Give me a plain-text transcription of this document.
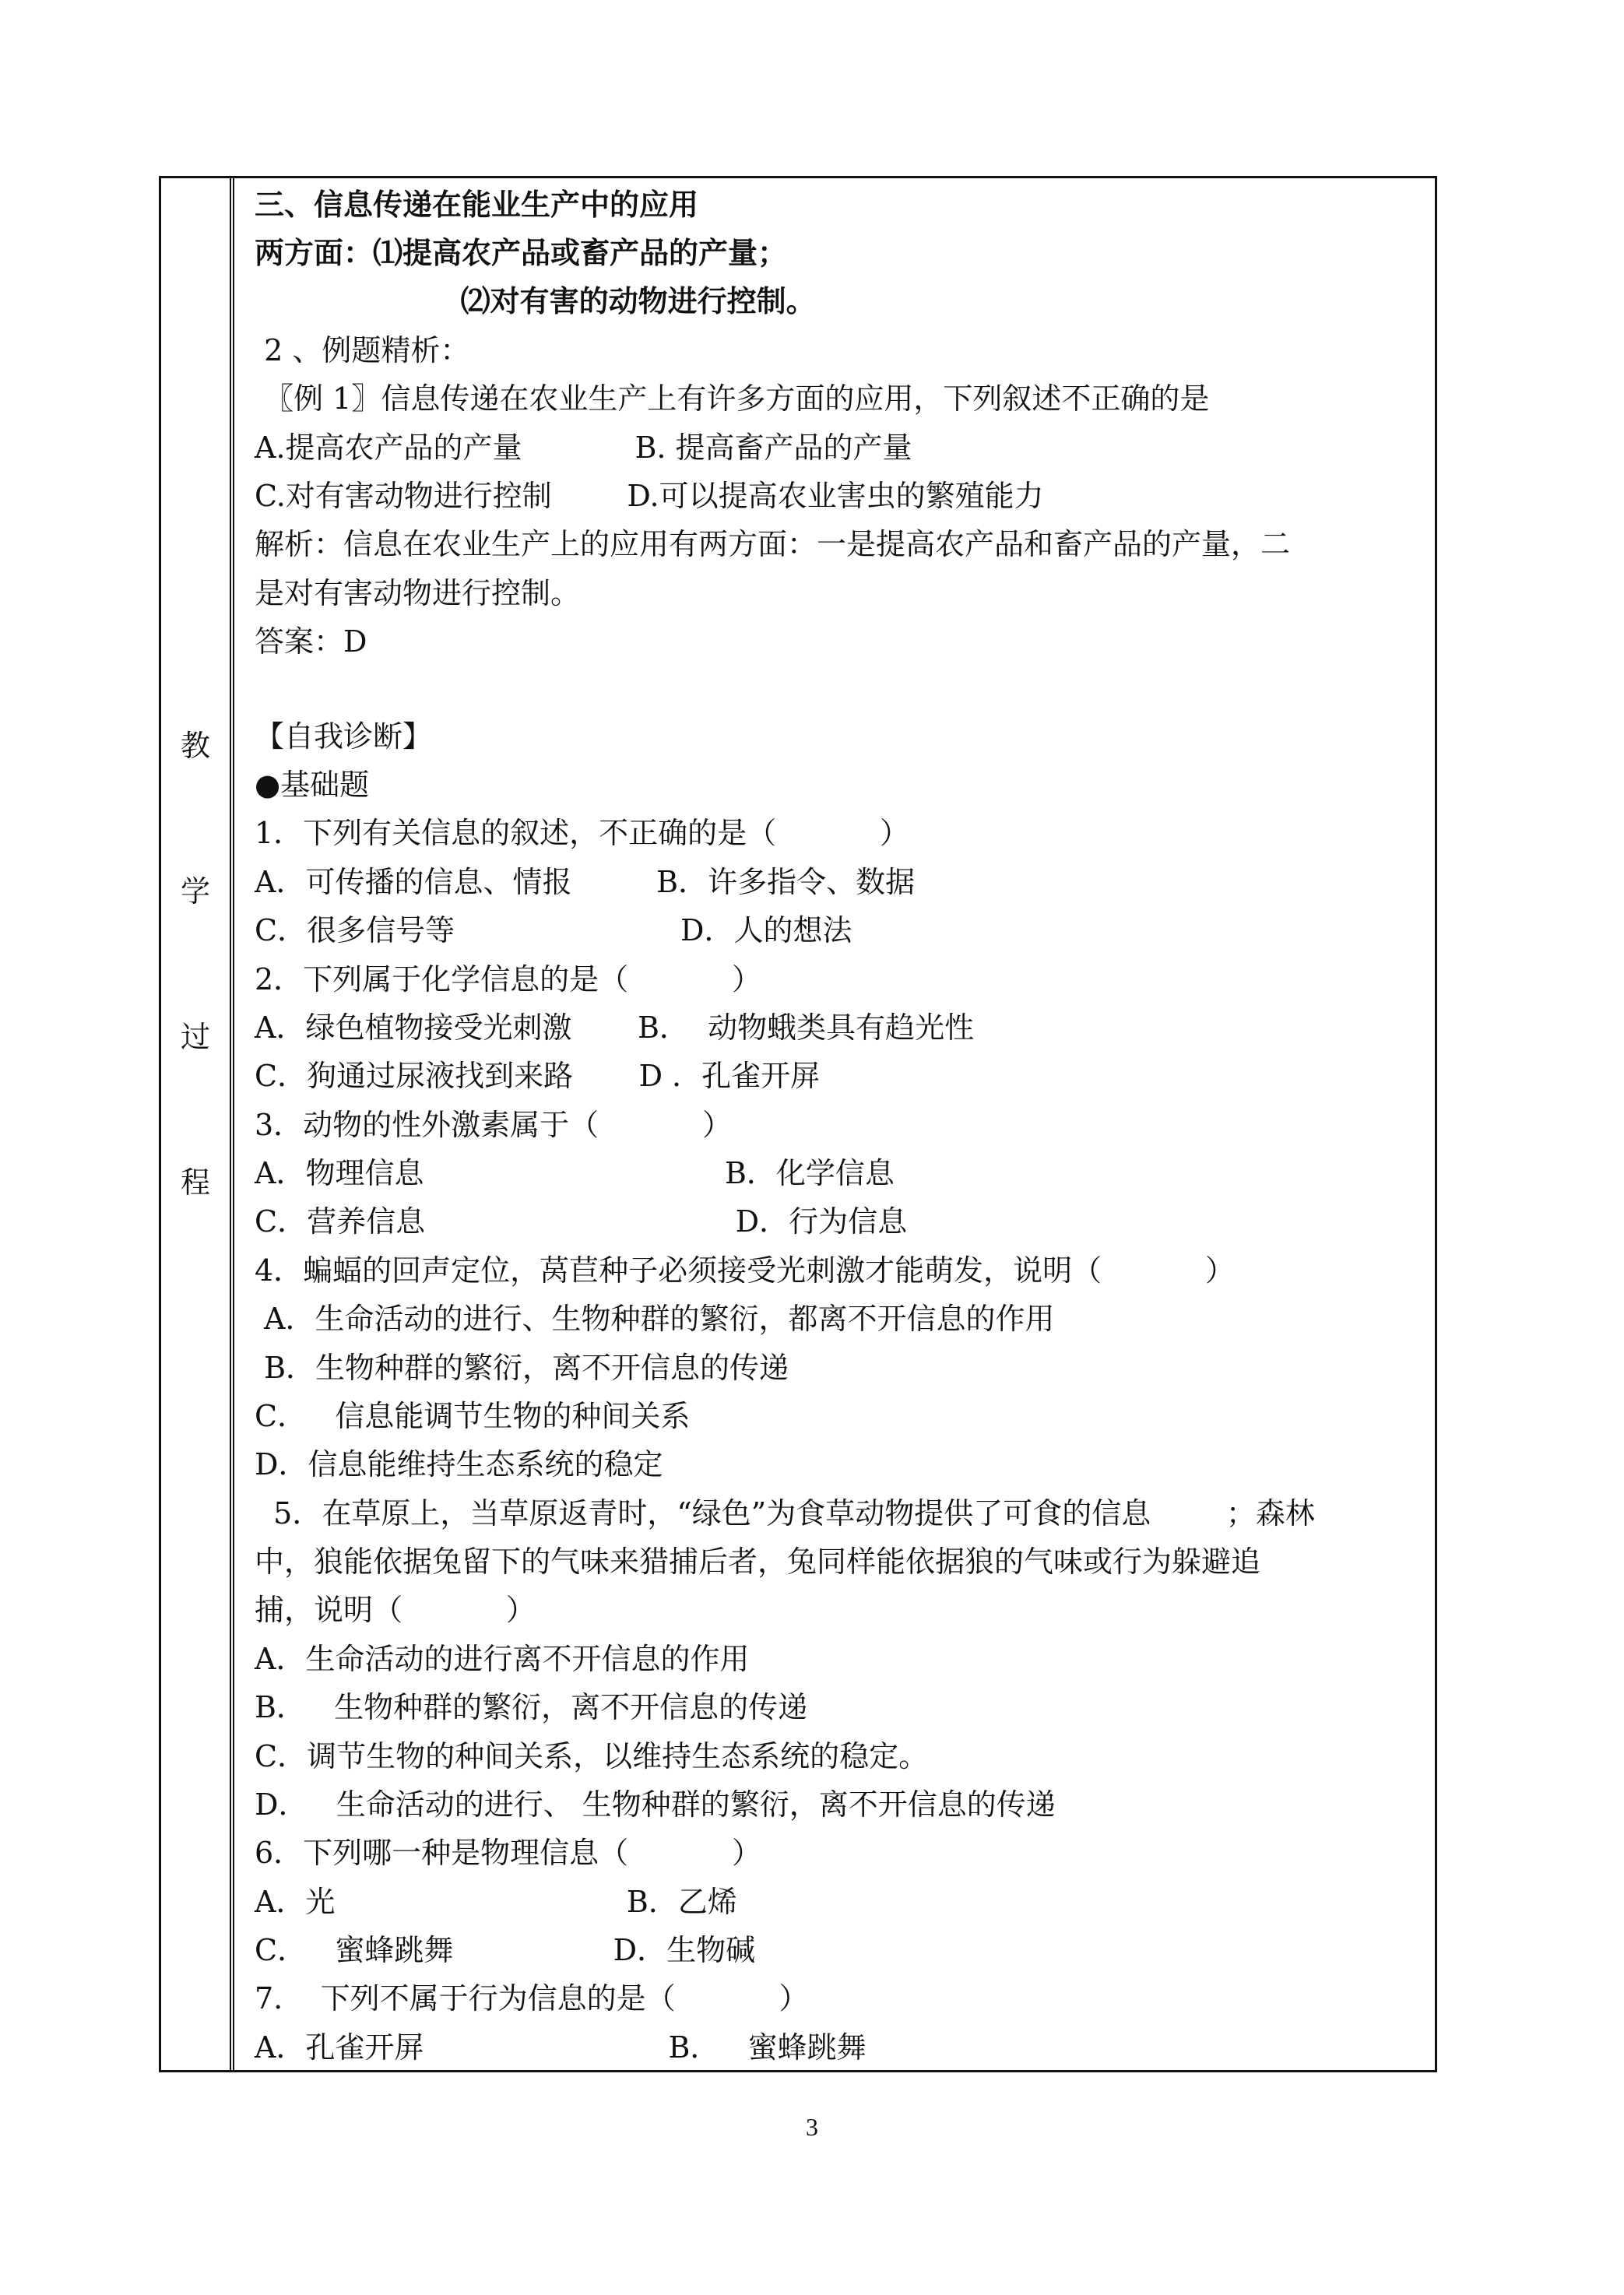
教
学
过
程
三、信息传递在能业生产中的应用
两方面：⑴提高农产品或畜产品的产量；
⑵对有害的动物进行控制。
2 、例题精析：
〖例 1〗信息传递在农业生产上有许多方面的应用，下列叙述不正确的是
A.提高农产品的产量            B. 提高畜产品的产量
C.对有害动物进行控制        D.可以提高农业害虫的繁殖能力
解析：信息在农业生产上的应用有两方面：一是提高农产品和畜产品的产量，二
是对有害动物进行控制。
答案：D
【自我诊断】
●基础题
1．下列有关信息的叙述，不正确的是（           ）
A．可传播的信息、情报         B．许多指令、数据
C．很多信号等                        D．人的想法
2．下列属于化学信息的是（           ）
A．绿色植物接受光刺激       B．  动物蛾类具有趋光性
C．狗通过尿液找到来路       D ．孔雀开屏
3．动物的性外激素属于（           ）
A．物理信息                                B．化学信息
C．营养信息                                 D．行为信息
4．蝙蝠的回声定位，莴苣种子必须接受光刺激才能萌发，说明（           ）
A．生命活动的进行、生物种群的繁衍，都离不开信息的作用
B．生物种群的繁衍，离不开信息的传递
C．   信息能调节生物的种间关系
D．信息能维持生态系统的稳定
5．在草原上，当草原返青时，“绿色”为食草动物提供了可食的信息        ；森林
中，狼能依据兔留下的气味来猎捕后者，兔同样能依据狼的气味或行为躲避追
捕，说明（           ）
A．生命活动的进行离不开信息的作用
B．   生物种群的繁衍，离不开信息的传递
C．调节生物的种间关系，以维持生态系统的稳定。
D．   生命活动的进行、 生物种群的繁衍，离不开信息的传递
6．下列哪一种是物理信息（           ）
A．光                               B．乙烯
C．   蜜蜂跳舞                 D．生物碱
7.    下列不属于行为信息的是（           ）
A．孔雀开屏                          B．   蜜蜂跳舞
3
